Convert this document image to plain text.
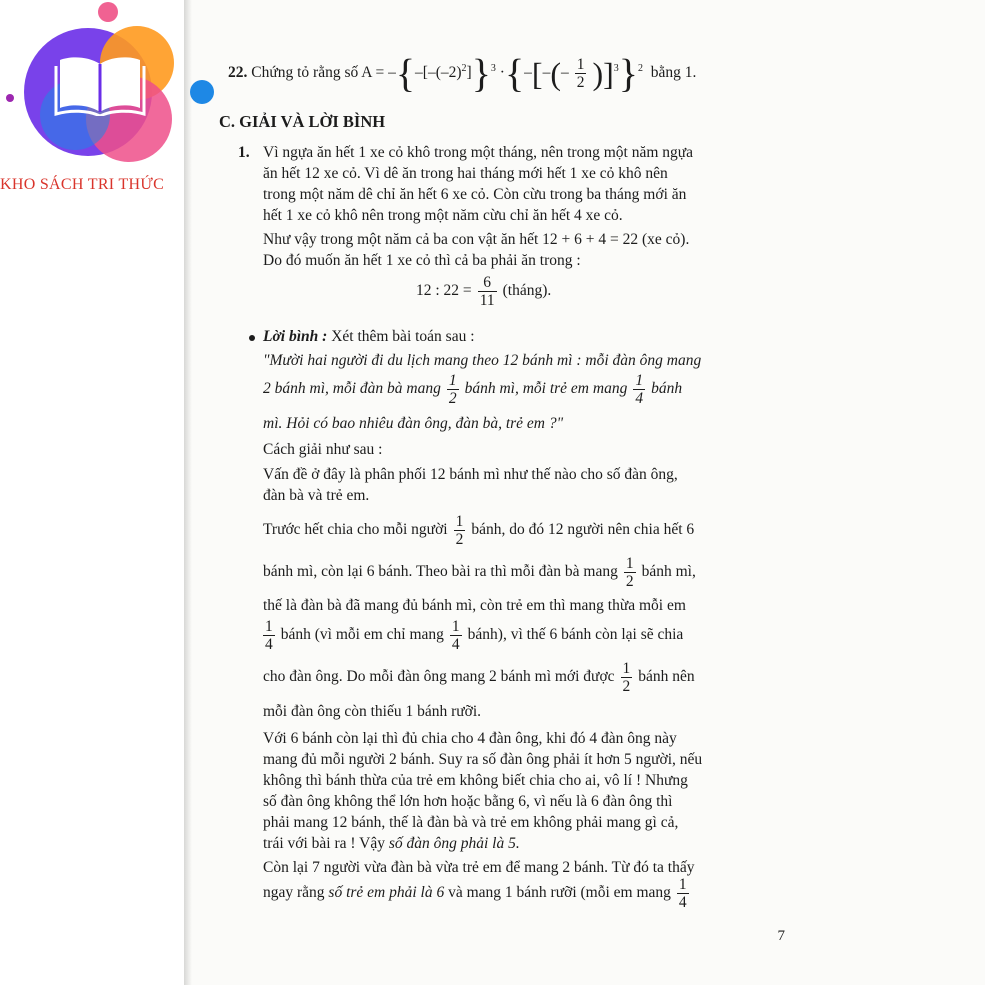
KHO SÁCH TRI THỨC
22. Chứng tỏ rằng số $A = -\{-[-(-2)^2]\}^3$ ·{–[–(– $\frac{1}{2} )]^3\}^2$ bằng 1.
C. GIẢI VÀ LỜI BÌNH
1. Vì ngựa ăn hết 1 xe cỏ khô trong một tháng, nên trong một năm ngựa
ăn hết 12 xe cỏ. Vì dê ăn trong hai tháng mới hết 1 xe cỏ khô nên
trong một năm dê chỉ ăn hết 6 xe cỏ. Còn cừu trong ba tháng mới ăn
hết 1 xe cỏ khô nên trong một năm cừu chỉ ăn hết 4 xe cỏ.
Như vậy trong một năm cả ba con vật ăn hết 12 + 6 + 4 = 22 (xe cỏ).
Do đó muốn ăn hết 1 xe cỏ thì cả ba phải ăn trong :
12 : $22 = \frac{6}{11}$ (tháng).
Lời bình : Xét thêm bài toán sau :
"Mười hai người đi du lịch mang theo 12 bánh mì : mỗi đàn ông mang
2 bánh mì, mỗi đàn bà mang $\frac{1}{2}$ bánh mì, mỗi trẻ em mang $\frac{1}{4}$ bánh
mì. Hỏi có bao nhiêu đàn ông, đàn bà, trẻ em ?"
Cách giải như sau :
Vấn đề ở đây là phân phối 12 bánh mì như thế nào cho số đàn ông,
đàn bà và trẻ em.
Trước hết chia cho mỗi người $\frac{1}{2}$ bánh, do đó 12 người nên chia hết 6
bánh mì, còn lại 6 bánh. Theo bài ra thì mỗi đàn bà mang $\frac{1}{2}$ bánh mì,
thế là đàn bà đã mang đủ bánh mì, còn trẻ em thì mang thừa mỗi em
$\frac{1}{4}$ bánh (vì mỗi em chỉ mang $\frac{1}{4}$ bánh), vì thế 6 bánh còn lại sẽ chia
cho đàn ông. Do mỗi đàn ông mang 2 bánh mì mới được $\frac{1}{2}$ bánh nên
mỗi đàn ông còn thiếu 1 bánh rưỡi.
Với 6 bánh còn lại thì đủ chia cho 4 đàn ông, khi đó 4 đàn ông này
mang đủ mỗi người 2 bánh. Suy ra số đàn ông phải ít hơn 5 người, nếu
không thì bánh thừa của trẻ em không biết chia cho ai, vô lí ! Nhưng
số đàn ông không thể lớn hơn hoặc bằng 6, vì nếu là 6 đàn ông thì
phải mang 12 bánh, thế là đàn bà và trẻ em không phải mang gì cả,
trái với bài ra ! Vậy số đàn ông phải là 5.
Còn lại 7 người vừa đàn bà vừa trẻ em để mang 2 bánh. Từ đó ta thấy
ngay rằng số trẻ em phải là 6 và mang 1 bánh rưỡi (mỗi em mang $\frac{1}{4}$
7
